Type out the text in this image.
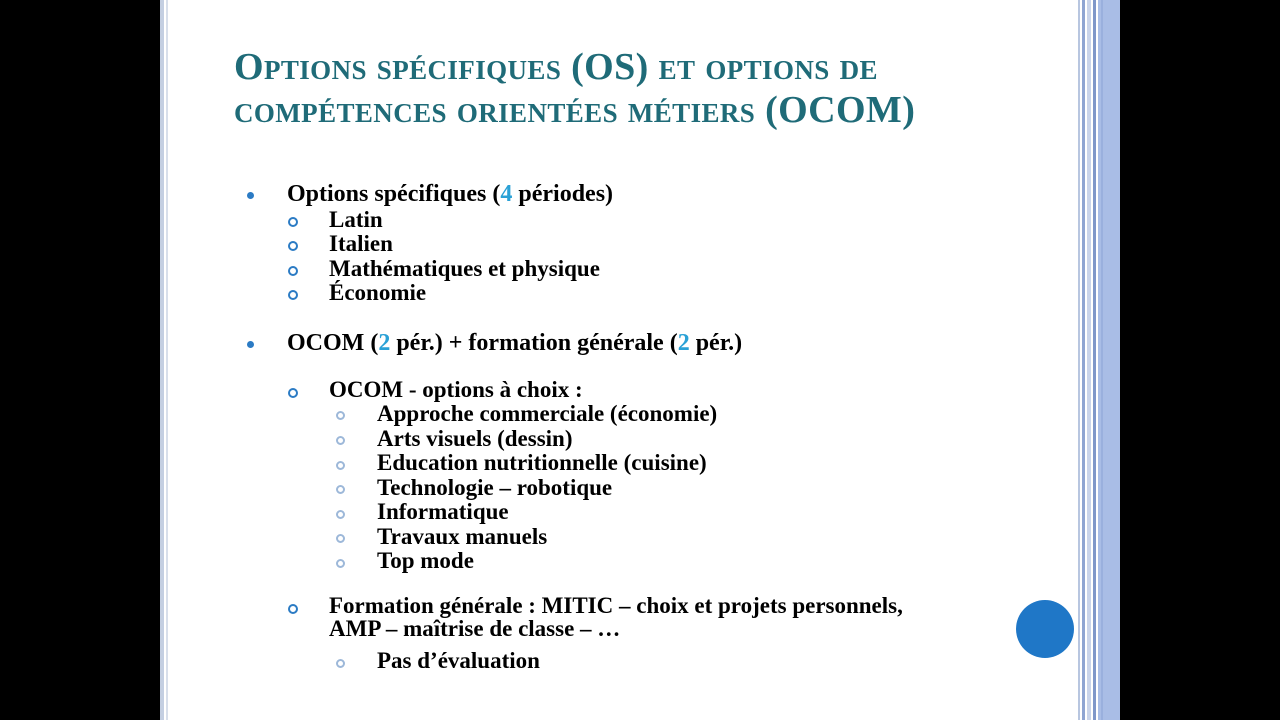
Options spécifiques (OS) et options de
compétences orientées métiers (OCOM)
Options spécifiques (4 périodes)
Latin
Italien
Mathématiques et physique
Économie
OCOM (2 pér.) + formation générale (2 pér.)
OCOM - options à choix :
Approche commerciale (économie)
Arts visuels (dessin)
Education nutritionnelle (cuisine)
Technologie – robotique
Informatique
Travaux manuels
Top mode
Formation générale : MITIC – choix et projets personnels,
AMP – maîtrise de classe – …
Pas d’évaluation
